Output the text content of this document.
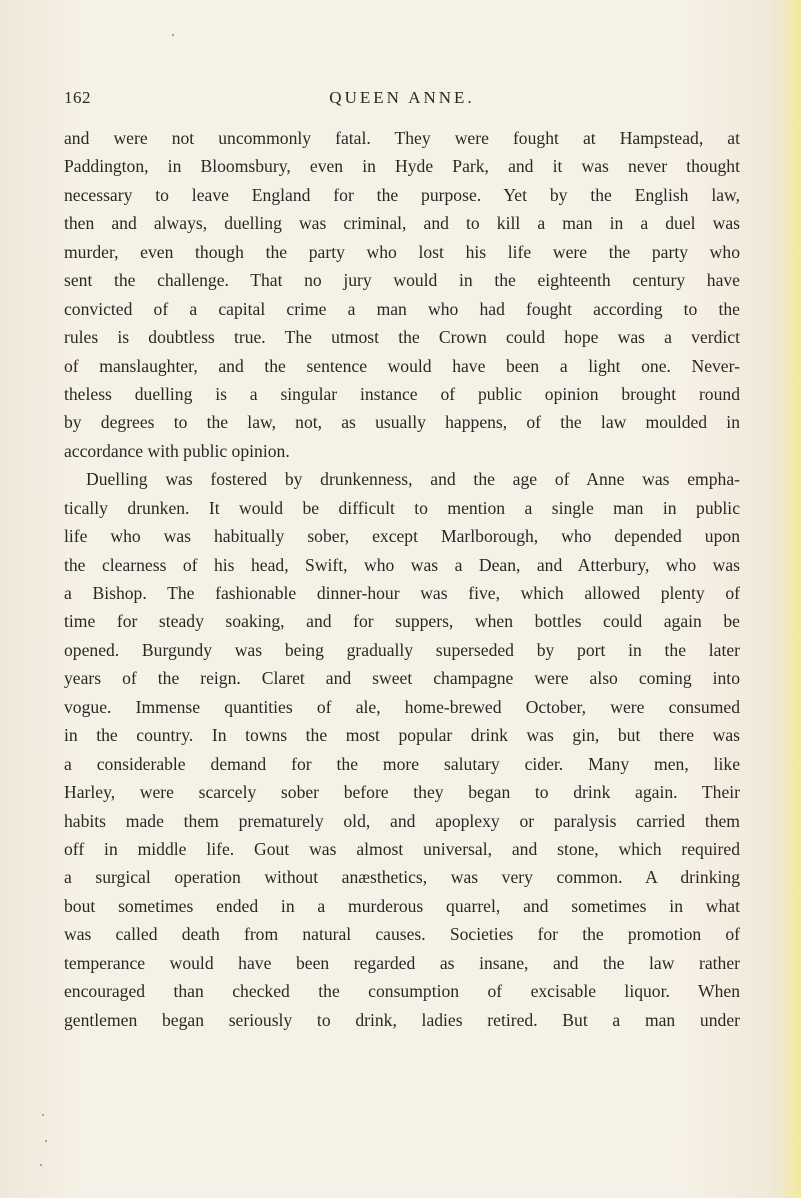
162	QUEEN ANNE.
and were not uncommonly fatal. They were fought at Hampstead, at
Paddington, in Bloomsbury, even in Hyde Park, and it was never thought
necessary to leave England for the purpose. Yet by the English law,
then and always, duelling was criminal, and to kill a man in a duel was
murder, even though the party who lost his life were the party who
sent the challenge. That no jury would in the eighteenth century have
convicted of a capital crime a man who had fought according to the
rules is doubtless true. The utmost the Crown could hope was a verdict
of manslaughter, and the sentence would have been a light one. Never-
theless duelling is a singular instance of public opinion brought round
by degrees to the law, not, as usually happens, of the law moulded in
accordance with public opinion.
Duelling was fostered by drunkenness, and the age of Anne was empha-
tically drunken. It would be difficult to mention a single man in public
life who was habitually sober, except Marlborough, who depended upon
the clearness of his head, Swift, who was a Dean, and Atterbury, who was
a Bishop. The fashionable dinner-hour was five, which allowed plenty of
time for steady soaking, and for suppers, when bottles could again be
opened. Burgundy was being gradually superseded by port in the later
years of the reign. Claret and sweet champagne were also coming into
vogue. Immense quantities of ale, home-brewed October, were consumed
in the country. In towns the most popular drink was gin, but there was
a considerable demand for the more salutary cider. Many men, like
Harley, were scarcely sober before they began to drink again. Their
habits made them prematurely old, and apoplexy or paralysis carried them
off in middle life. Gout was almost universal, and stone, which required
a surgical operation without anæsthetics, was very common. A drinking
bout sometimes ended in a murderous quarrel, and sometimes in what
was called death from natural causes. Societies for the promotion of
temperance would have been regarded as insane, and the law rather
encouraged than checked the consumption of excisable liquor. When
gentlemen began seriously to drink, ladies retired. But a man under
